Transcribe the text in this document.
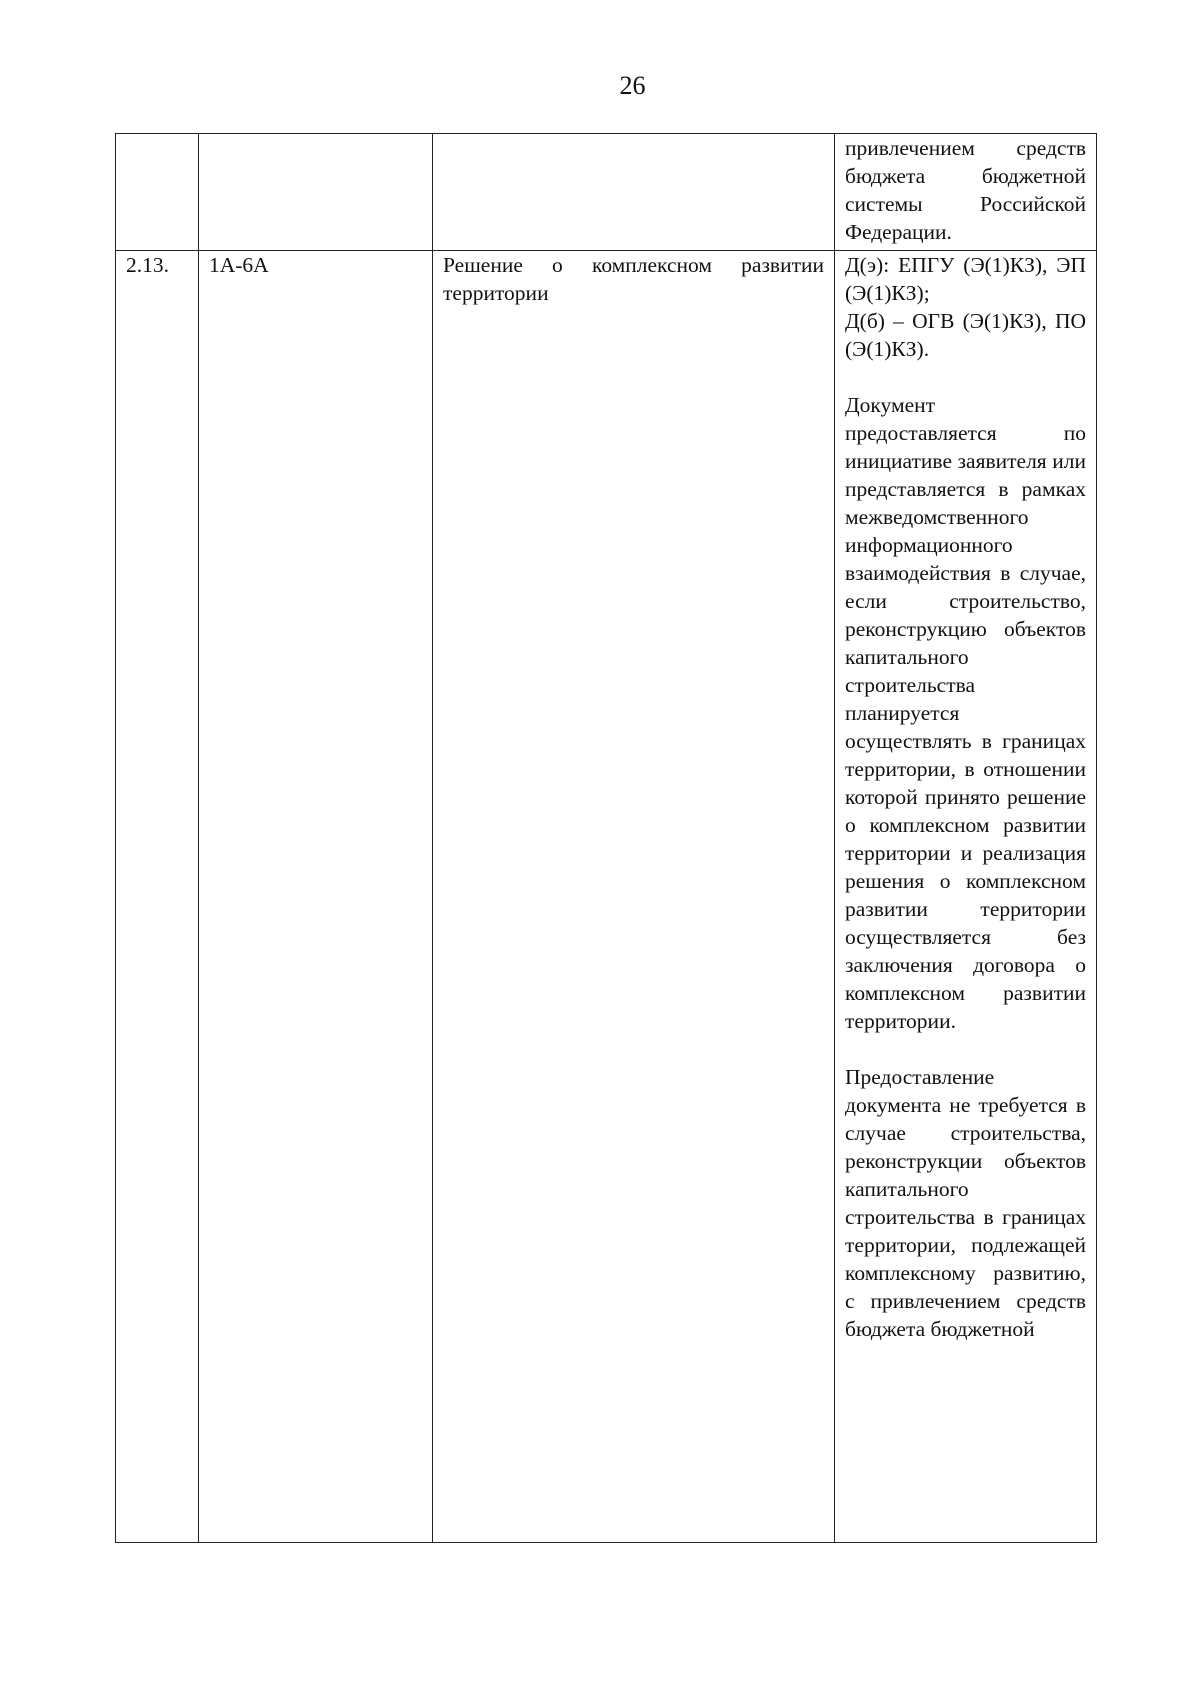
26

			привлечением средств бюджета бюджетной системы Российской Федерации.

2.13.	1А-6А	Решение о комплексном развитии территории	Д(э): ЕПГУ (Э(1)КЗ), ЭП (Э(1)КЗ);
Д(б) – ОГВ (Э(1)КЗ), ПО (Э(1)КЗ).

Документ предоставляется по инициативе заявителя или представляется в рамках межведомственного информационного взаимодействия в случае, если строительство, реконструкцию объектов капитального строительства планируется осуществлять в границах территории, в отношении которой принято решение о комплексном развитии территории и реализация решения о комплексном развитии территории осуществляется без заключения договора о комплексном развитии территории.

Предоставление документа не требуется в случае строительства, реконструкции объектов капитального строительства в границах территории, подлежащей комплексному развитию, с привлечением средств бюджета бюджетной
